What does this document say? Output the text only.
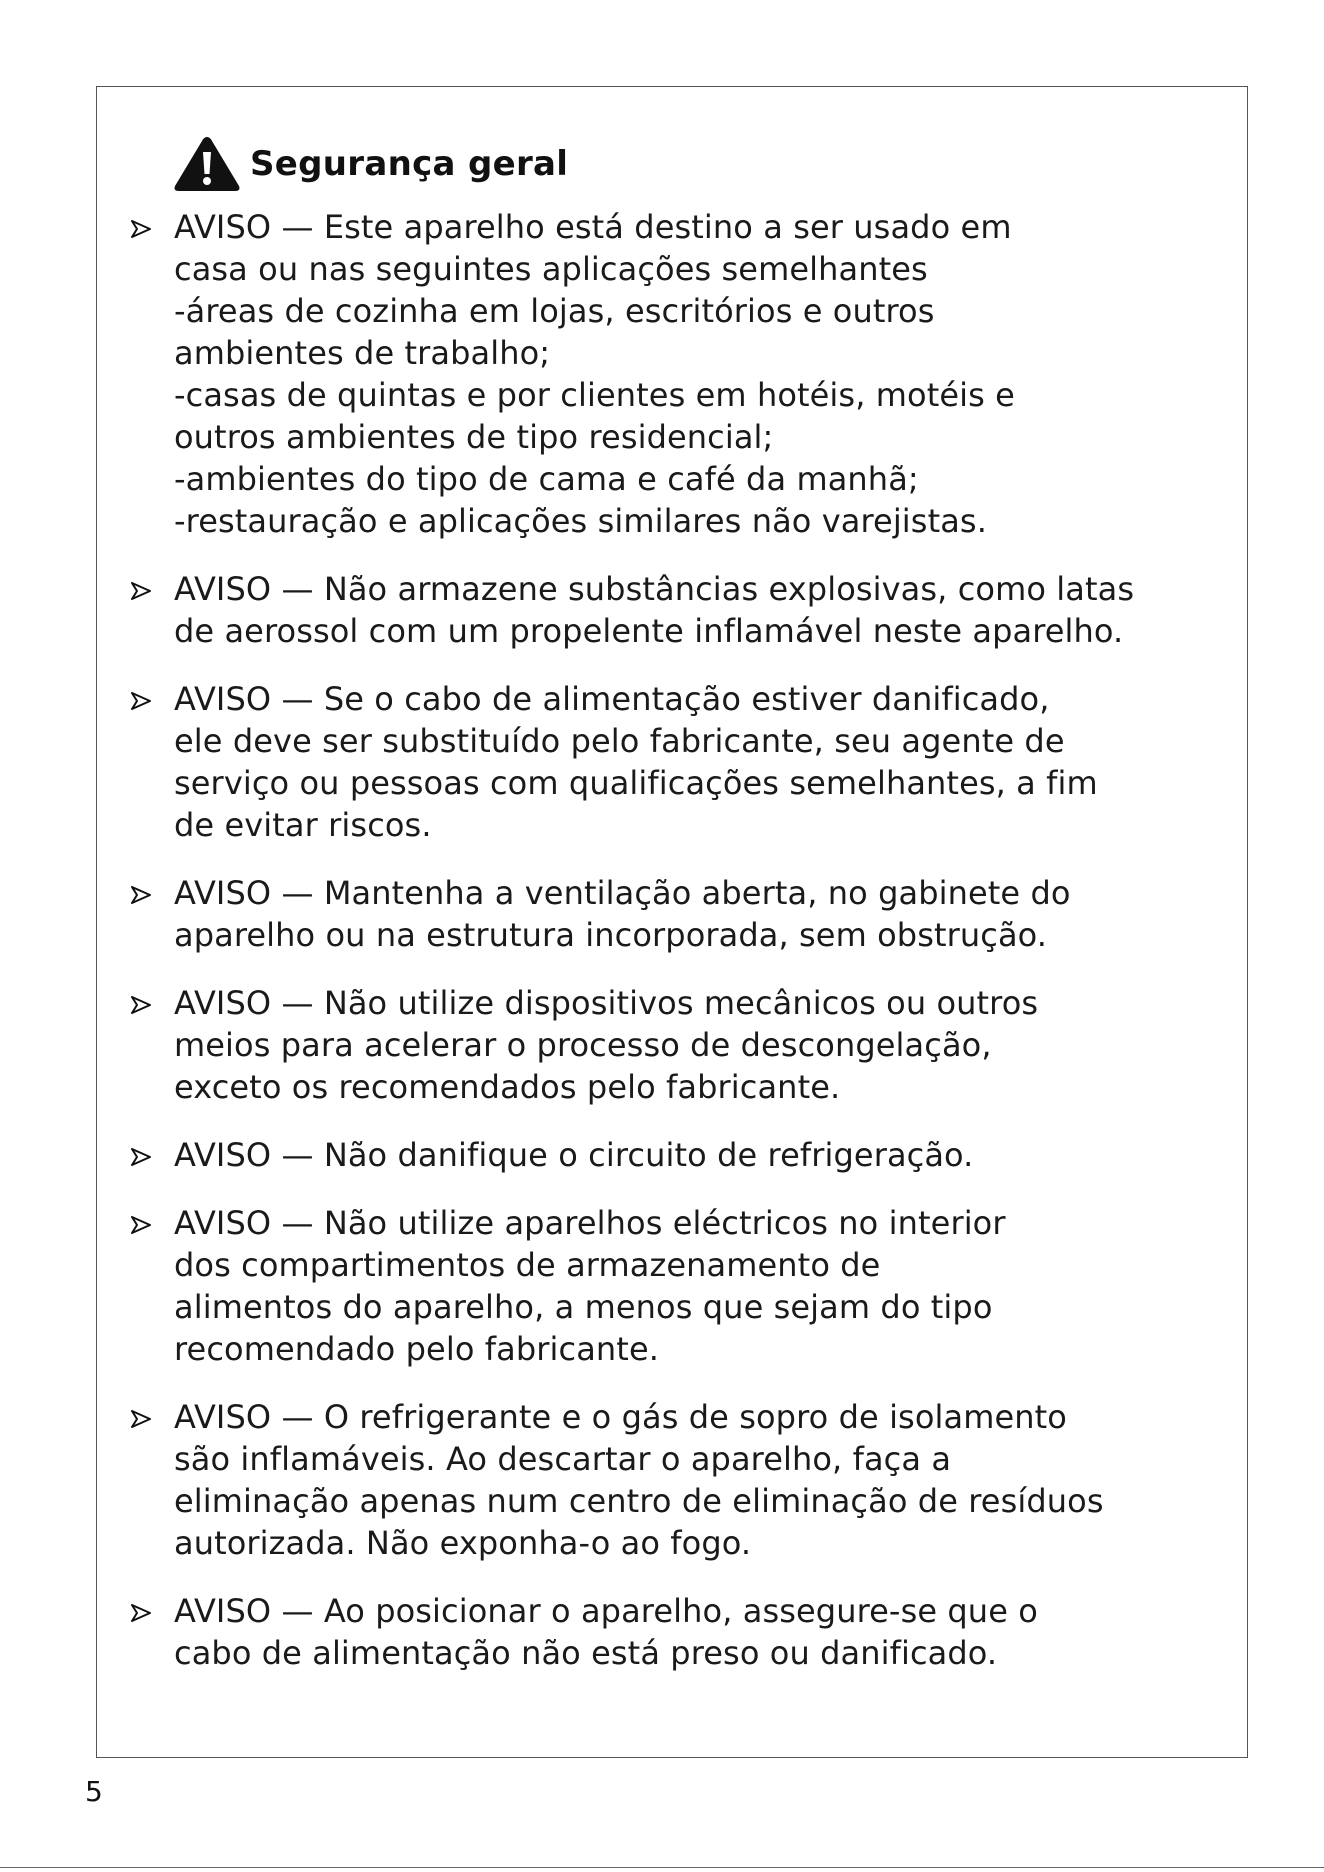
Segurança geral
AVISO — Este aparelho está destino a ser usado em
casa ou nas seguintes aplicações semelhantes
-áreas de cozinha em lojas, escritórios e outros
ambientes de trabalho;
-casas de quintas e por clientes em hotéis, motéis e
outros ambientes de tipo residencial;
-ambientes do tipo de cama e café da manhã;
-restauração e aplicações similares não varejistas.
AVISO — Não armazene substâncias explosivas, como latas
de aerossol com um propelente inflamável neste aparelho.
AVISO — Se o cabo de alimentação estiver danificado,
ele deve ser substituído pelo fabricante, seu agente de
serviço ou pessoas com qualificações semelhantes, a fim
de evitar riscos.
AVISO — Mantenha a ventilação aberta, no gabinete do
aparelho ou na estrutura incorporada, sem obstrução.
AVISO — Não utilize dispositivos mecânicos ou outros
meios para acelerar o processo de descongelação,
exceto os recomendados pelo fabricante.
AVISO — Não danifique o circuito de refrigeração.
AVISO — Não utilize aparelhos eléctricos no interior
dos compartimentos de armazenamento de
alimentos do aparelho, a menos que sejam do tipo
recomendado pelo fabricante.
AVISO — O refrigerante e o gás de sopro de isolamento
são inflamáveis. Ao descartar o aparelho, faça a
eliminação apenas num centro de eliminação de resíduos
autorizada. Não exponha-o ao fogo.
AVISO — Ao posicionar o aparelho, assegure-se que o
cabo de alimentação não está preso ou danificado.
5
